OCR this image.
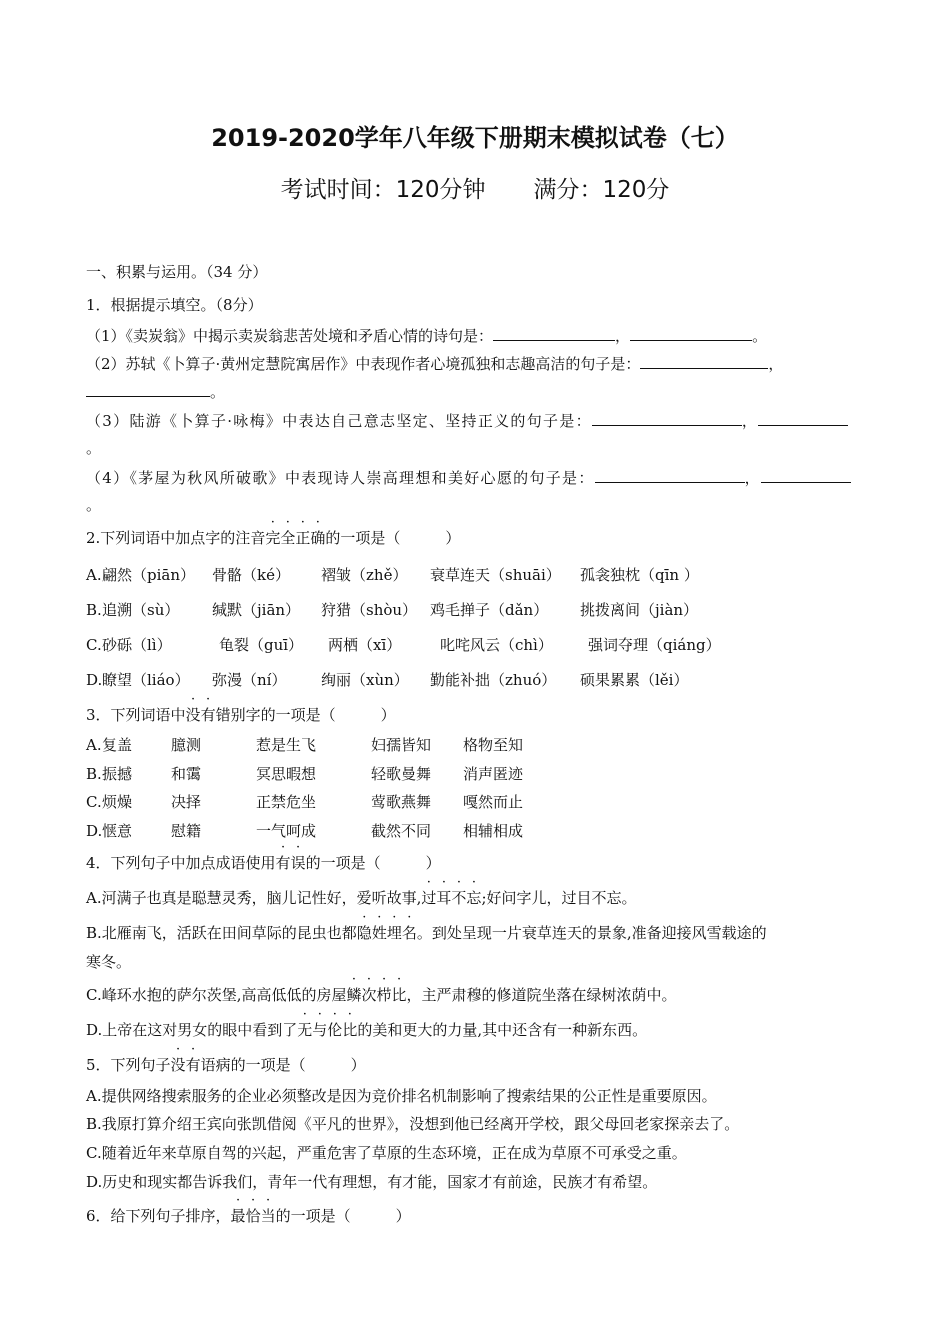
2019-2020学年八年级下册期末模拟试卷（七）
考试时间：120分钟 满分：120分
一、积累与运用。（34 分）
1．根据提示填空。（8分）
（1）《卖炭翁》中揭示卖炭翁悲苦处境和矛盾心情的诗句是：	，	。
（2）苏轼《卜算子·黄州定慧院寓居作》中表现作者心境孤独和志趣高洁的句子是：	，
。
（3）陆游《卜算子·咏梅》中表达自己意志坚定、坚持正义的句子是：	，
。
（4）《茅屋为秋风所破歌》中表现诗人崇高理想和美好心愿的句子是：	，
。
2.下列词语中加点字的注音完全正确的一项是（　　　）
A. 翩然（piān） 骨骼（ké） 褶皱（zhě） 衰草连天（shuāi） 孤衾独枕（qīn ）
B. 追溯（sù） 缄默（jiān） 狩猎（shòu） 鸡毛掸子（dǎn） 挑拨离间（jiàn）
C. 砂砾（lì）	龟裂（guī） 两栖（xī）	叱咤风云（chì） 强词夺理（qiáng）
D. 瞭望（liáo） 弥漫（ní） 绚丽（xùn） 勤能补拙（zhuó） 硕果累累（lěi）
3．下列词语中没有错别字的一项是（　　　）
A. 复盖	臆测	惹是生飞	妇孺皆知 格物至知
B. 振撼	和霭	冥思暇想	轻歌曼舞 消声匿迹
C. 烦燥	决择	正禁危坐	莺歌燕舞 嘎然而止
D. 惬意	慰籍	一气呵成	截然不同 相辅相成
4．下列句子中加点成语使用有误的一项是（　　　）
A.河满子也真是聪慧灵秀，脑儿记性好，爱听故事,过耳不忘;好问字儿，过目不忘。
B.北雁南飞，活跃在田间草际的昆虫也都隐姓埋名。到处呈现一片衰草连天的景象,准备迎接风雪载途的
寒冬。
C.峰环水抱的萨尔茨堡,高高低低的房屋鳞次栉比，主严肃穆的修道院坐落在绿树浓荫中。
D.上帝在这对男女的眼中看到了无与伦比的美和更大的力量,其中还含有一种新东西。
5．下列句子没有语病的一项是（　　　）
A.提供网络搜索服务的企业必须整改是因为竞价排名机制影响了搜索结果的公正性是重要原因。
B.我原打算介绍王宾向张凯借阅《平凡的世界》，没想到他已经离开学校，跟父母回老家探亲去了。
C.随着近年来草原自驾的兴起，严重危害了草原的生态环境，正在成为草原不可承受之重。
D.历史和现实都告诉我们，青年一代有理想，有才能，国家才有前途，民族才有希望。
6．给下列句子排序，最恰当的一项是（　　　）
